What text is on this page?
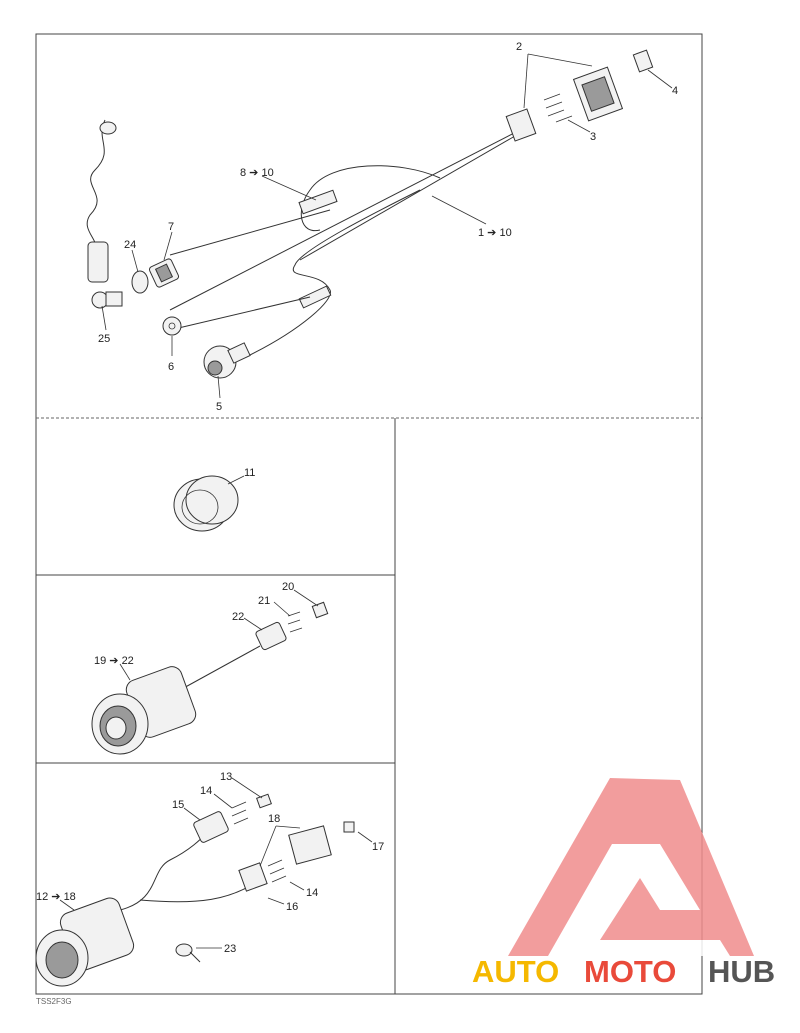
2
3
4
8 ➔ 10
1 ➔ 10
7
24
25
6
5
11
20
21
22
19 ➔ 22
13
14
15
18
17
14
16
12 ➔ 18
23
TSS2F3G
AUTO MOTO HUB
